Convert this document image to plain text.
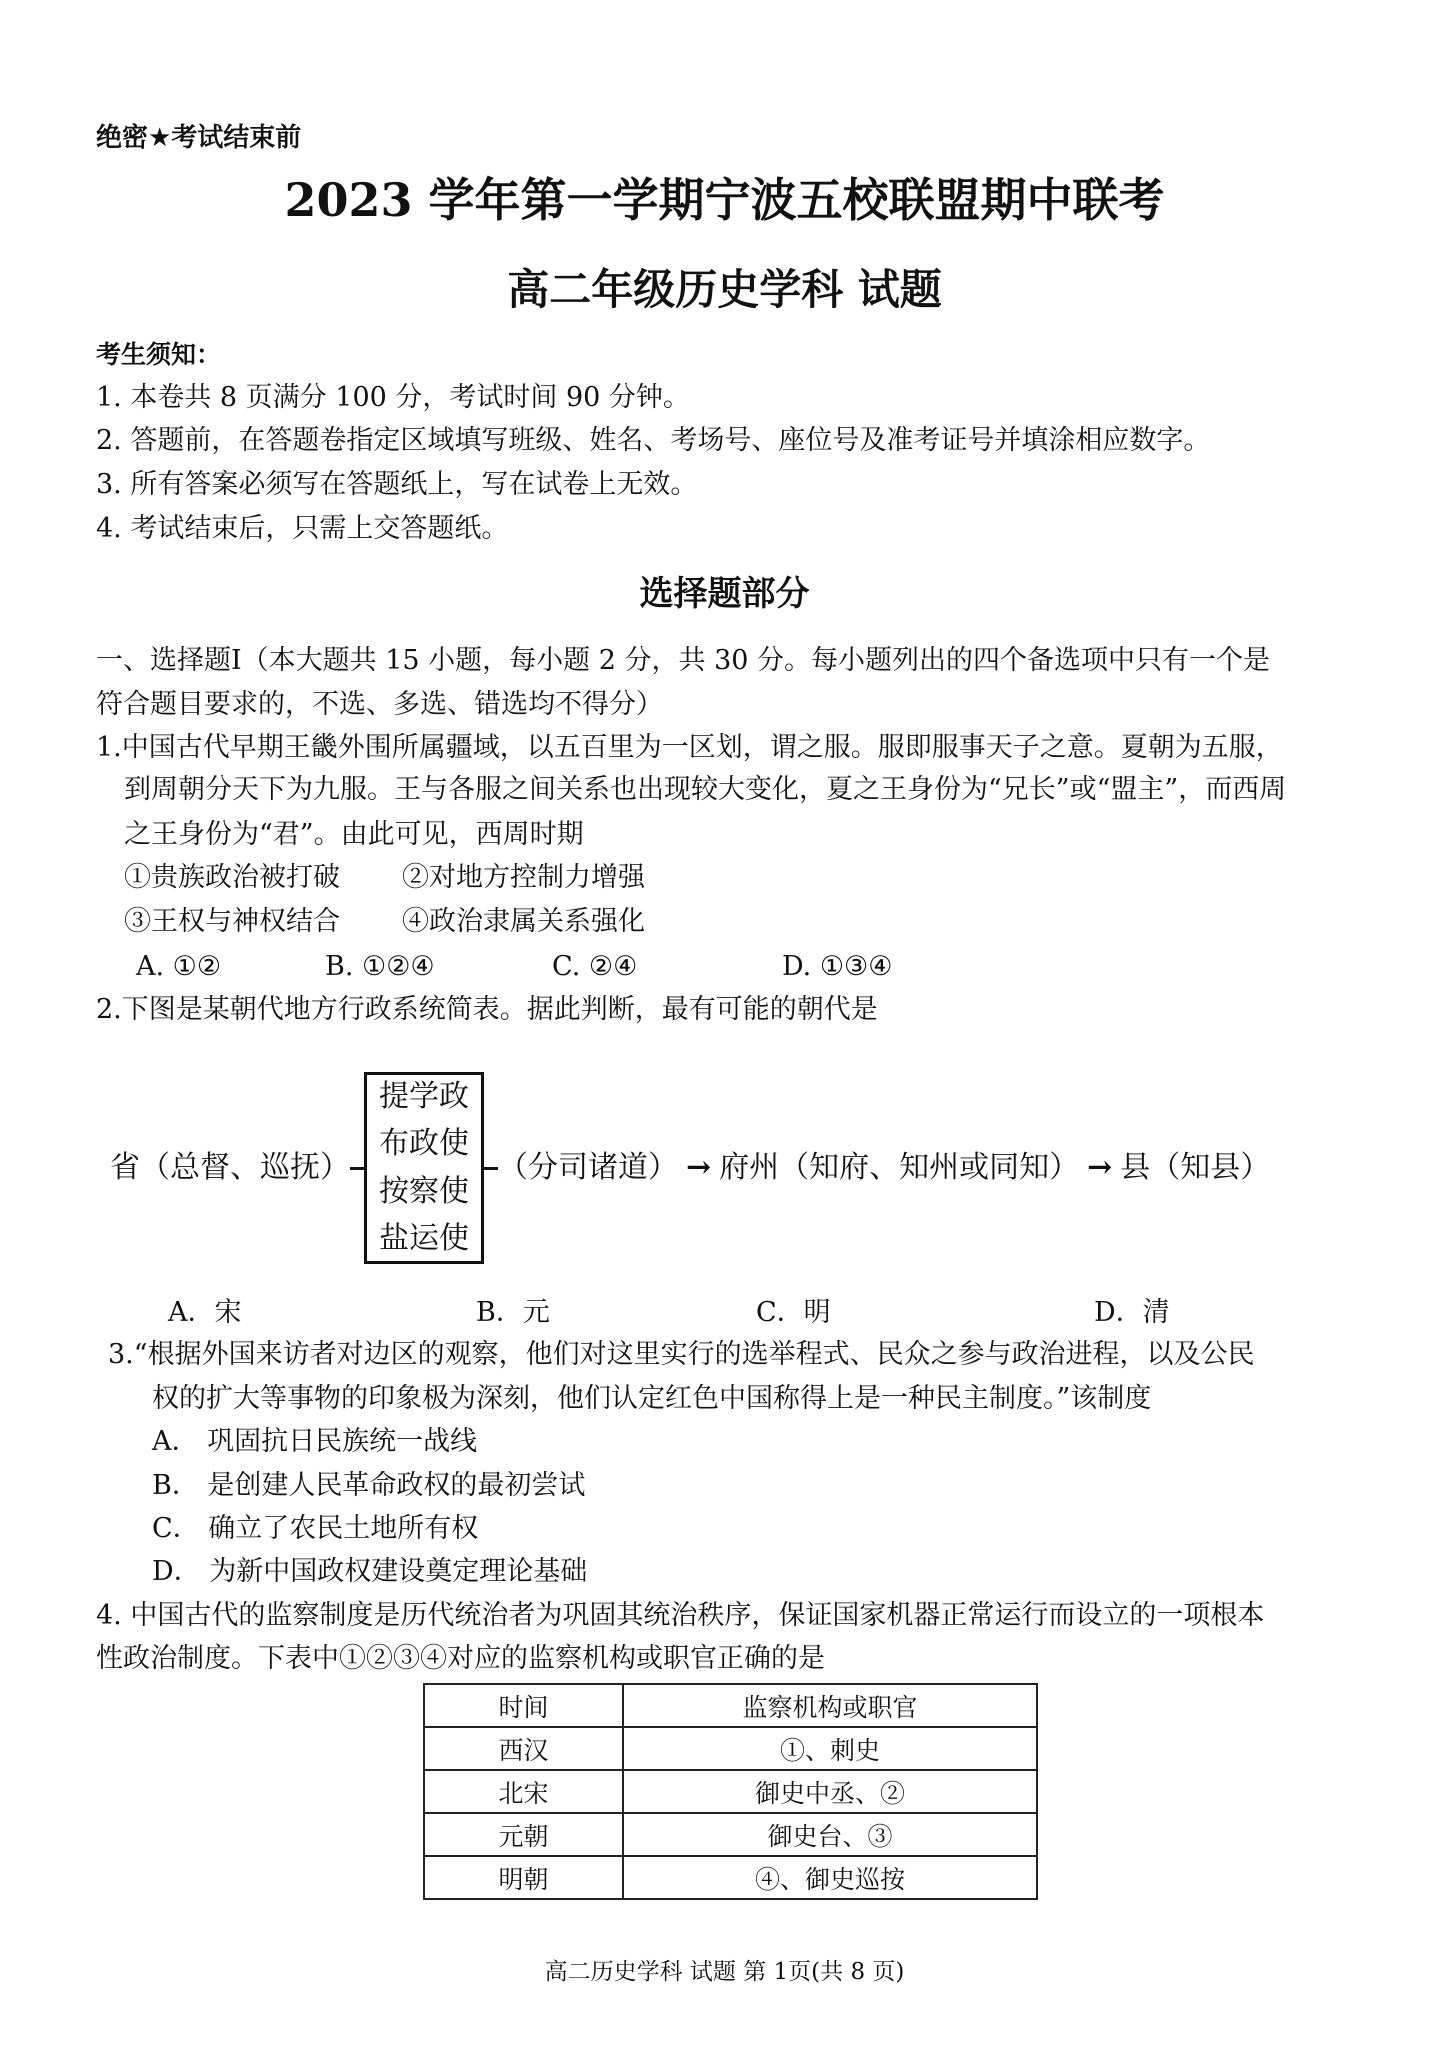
绝密★考试结束前
2023 学年第一学期宁波五校联盟期中联考
高二年级历史学科 试题
考生须知：
1. 本卷共 8 页满分 100 分，考试时间 90 分钟。
2. 答题前，在答题卷指定区域填写班级、姓名、考场号、座位号及准考证号并填涂相应数字。
3. 所有答案必须写在答题纸上，写在试卷上无效。
4. 考试结束后，只需上交答题纸。
选择题部分
一、选择题Ⅰ（本大题共 15 小题，每小题 2 分，共 30 分。每小题列出的四个备选项中只有一个是
符合题目要求的，不选、多选、错选均不得分）
1.中国古代早期王畿外围所属疆域，以五百里为一区划，谓之服。服即服事天子之意。夏朝为五服，
到周朝分天下为九服。王与各服之间关系也出现较大变化，夏之王身份为“兄长”或“盟主”，而西周
之王身份为“君”。由此可见，西周时期
①贵族政治被打破 ②对地方控制力增强
③王权与神权结合 ④政治隶属关系强化
A. ①②	B. ①②④	C. ②④	D. ①③④
2.下图是某朝代地方行政系统简表。据此判断，最有可能的朝代是
省（总督、巡抚）
提学政
布政使
按察使
盐运使
（分司诸道） → 府州（知府、知州或同知） → 县（知县）
A．宋	B．元	C．明	D．清
3.“根据外国来访者对边区的观察，他们对这里实行的选举程式、民众之参与政治进程，以及公民
权的扩大等事物的印象极为深刻，他们认定红色中国称得上是一种民主制度。”该制度
A． 巩固抗日民族统一战线
B． 是创建人民革命政权的最初尝试
C． 确立了农民土地所有权
D． 为新中国政权建设奠定理论基础
4. 中国古代的监察制度是历代统治者为巩固其统治秩序，保证国家机器正常运行而设立的一项根本
性政治制度。下表中①②③④对应的监察机构或职官正确的是
时间	监察机构或职官
西汉	①、刺史
北宋	御史中丞、②
元朝	御史台、③
明朝	④、御史巡按
高二历史学科 试题 第 1页(共 8 页)
